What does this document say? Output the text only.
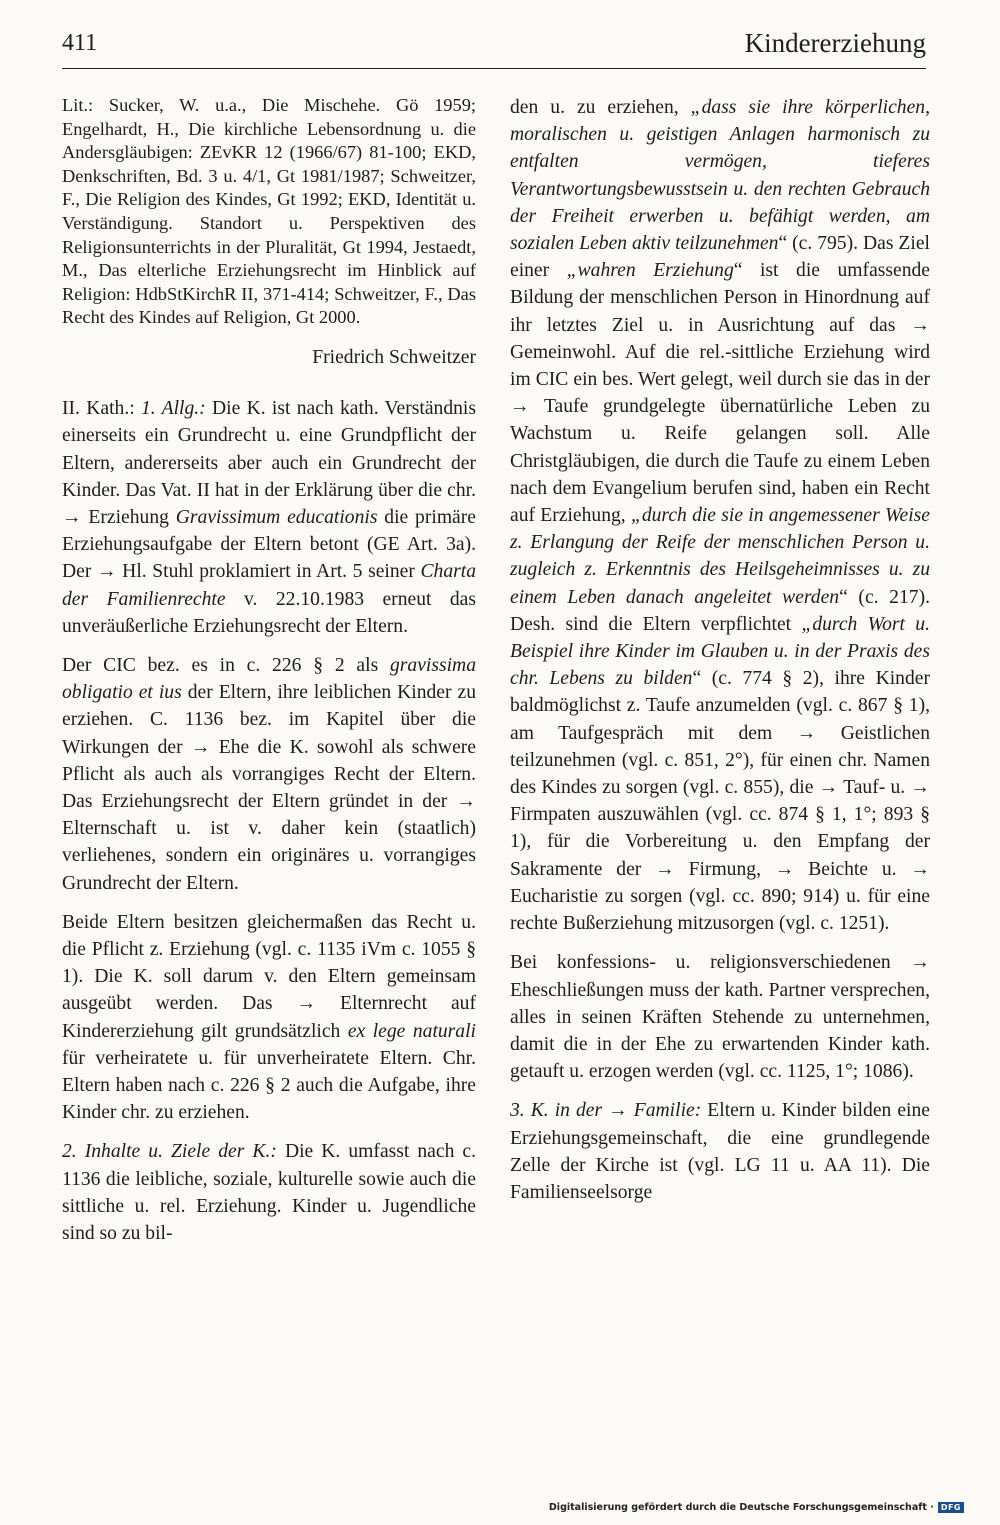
411	Kindererziehung

Lit.: Sucker, W. u.a., Die Mischehe. Gö 1959; Engelhardt, H., Die kirchliche Lebensordnung u. die Andersgläubigen: ZEvKR 12 (1966/67) 81-100; EKD, Denkschriften, Bd. 3 u. 4/1, Gt 1981/1987; Schweitzer, F., Die Religion des Kindes, Gt 1992; EKD, Identität u. Verständigung. Standort u. Perspektiven des Religionsunterrichts in der Pluralität, Gt 1994, Jestaedt, M., Das elterliche Erziehungsrecht im Hinblick auf Religion: HdbStKirchR II, 371-414; Schweitzer, F., Das Recht des Kindes auf Religion, Gt 2000.

Friedrich Schweitzer

II. Kath.: 1. Allg.: Die K. ist nach kath. Verständnis einerseits ein Grundrecht u. eine Grundpflicht der Eltern, andererseits aber auch ein Grundrecht der Kinder. Das Vat. II hat in der Erklärung über die chr. → Erziehung Gravissimum educationis die primäre Erziehungsaufgabe der Eltern betont (GE Art. 3a). Der → Hl. Stuhl proklamiert in Art. 5 seiner Charta der Familienrechte v. 22.10.1983 erneut das unveräußerliche Erziehungsrecht der Eltern.

Der CIC bez. es in c. 226 § 2 als gravissima obligatio et ius der Eltern, ihre leiblichen Kinder zu erziehen. C. 1136 bez. im Kapitel über die Wirkungen der → Ehe die K. sowohl als schwere Pflicht als auch als vorrangiges Recht der Eltern. Das Erziehungsrecht der Eltern gründet in der → Elternschaft u. ist v. daher kein (staatlich) verliehenes, sondern ein originäres u. vorrangiges Grundrecht der Eltern.

Beide Eltern besitzen gleichermaßen das Recht u. die Pflicht z. Erziehung (vgl. c. 1135 iVm c. 1055 § 1). Die K. soll darum v. den Eltern gemeinsam ausgeübt werden. Das → Elternrecht auf Kindererziehung gilt grundsätzlich ex lege naturali für verheiratete u. für unverheiratete Eltern. Chr. Eltern haben nach c. 226 § 2 auch die Aufgabe, ihre Kinder chr. zu erziehen.

2. Inhalte u. Ziele der K.: Die K. umfasst nach c. 1136 die leibliche, soziale, kulturelle sowie auch die sittliche u. rel. Erziehung. Kinder u. Jugendliche sind so zu bil-

den u. zu erziehen, „dass sie ihre körperlichen, moralischen u. geistigen Anlagen harmonisch zu entfalten vermögen, tieferes Verantwortungsbewusstsein u. den rechten Gebrauch der Freiheit erwerben u. befähigt werden, am sozialen Leben aktiv teilzunehmen“ (c. 795). Das Ziel einer „wahren Erziehung“ ist die umfassende Bildung der menschlichen Person in Hinordnung auf ihr letztes Ziel u. in Ausrichtung auf das → Gemeinwohl. Auf die rel.-sittliche Erziehung wird im CIC ein bes. Wert gelegt, weil durch sie das in der → Taufe grundgelegte übernatürliche Leben zu Wachstum u. Reife gelangen soll. Alle Christgläubigen, die durch die Taufe zu einem Leben nach dem Evangelium berufen sind, haben ein Recht auf Erziehung, „durch die sie in angemessener Weise z. Erlangung der Reife der menschlichen Person u. zugleich z. Erkenntnis des Heilsgeheimnisses u. zu einem Leben danach angeleitet werden“ (c. 217). Desh. sind die Eltern verpflichtet „durch Wort u. Beispiel ihre Kinder im Glauben u. in der Praxis des chr. Lebens zu bilden“ (c. 774 § 2), ihre Kinder baldmöglichst z. Taufe anzumelden (vgl. c. 867 § 1), am Taufgespräch mit dem → Geistlichen teilzunehmen (vgl. c. 851, 2°), für einen chr. Namen des Kindes zu sorgen (vgl. c. 855), die → Tauf- u. → Firmpaten auszuwählen (vgl. cc. 874 § 1, 1°; 893 § 1), für die Vorbereitung u. den Empfang der Sakramente der → Firmung, → Beichte u. → Eucharistie zu sorgen (vgl. cc. 890; 914) u. für eine rechte Bußerziehung mitzusorgen (vgl. c. 1251).

Bei konfessions- u. religionsverschiedenen → Eheschließungen muss der kath. Partner versprechen, alles in seinen Kräften Stehende zu unternehmen, damit die in der Ehe zu erwartenden Kinder kath. getauft u. erzogen werden (vgl. cc. 1125, 1°; 1086).

3. K. in der → Familie: Eltern u. Kinder bilden eine Erziehungsgemeinschaft, die eine grundlegende Zelle der Kirche ist (vgl. LG 11 u. AA 11). Die Familienseelsorge

Digitalisierung gefördert durch die Deutsche Forschungsgemeinschaft · DFG
